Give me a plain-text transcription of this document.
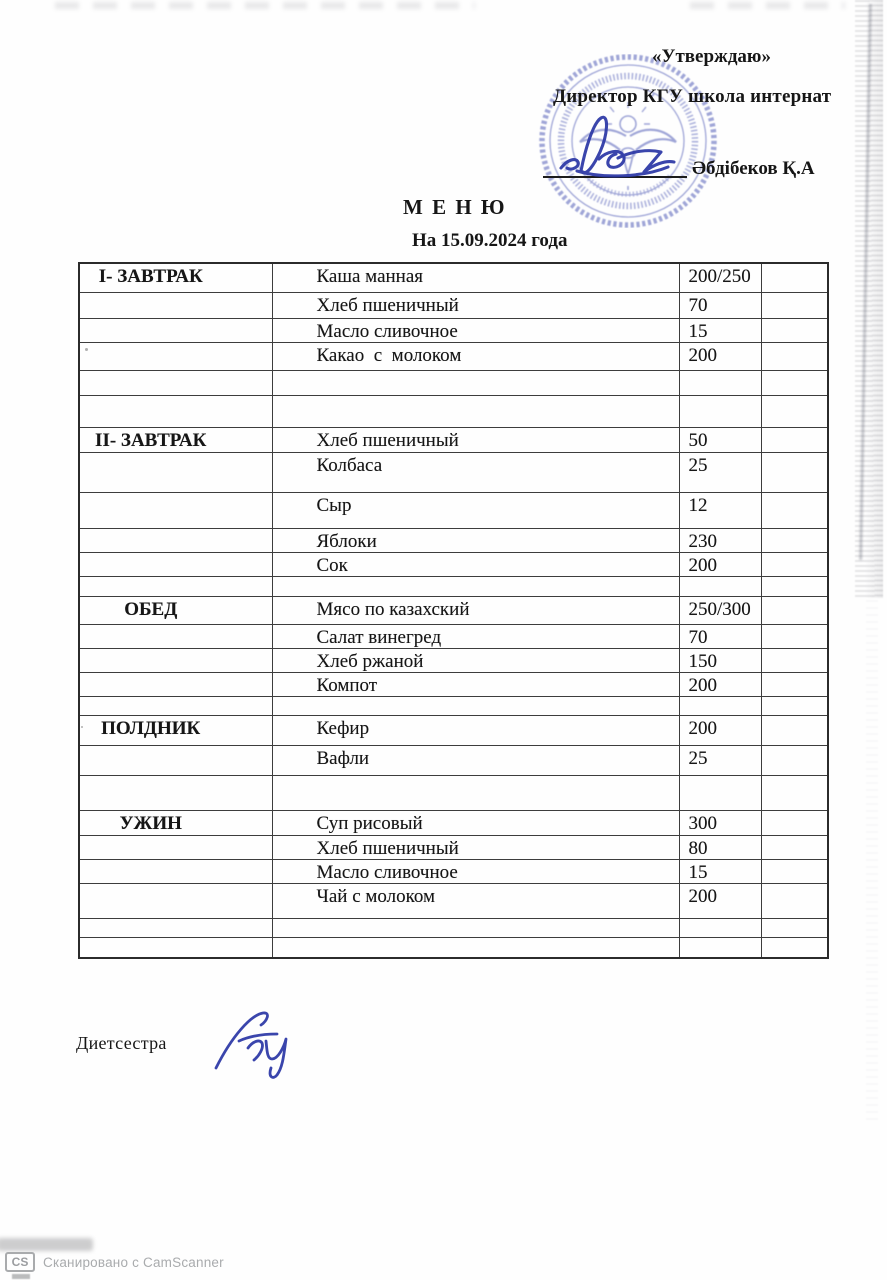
«Утверждаю»
Директор КГУ школа интернат
Әбдібеков Қ.А
М Е Н Ю
На 15.09.2024 года
I- ЗАВТРАК	Каша манная	200/250	
	Хлеб пшеничный	70	
	Масло сливочное	15	
	Какао  с  молоком	200	

II- ЗАВТРАК	Хлеб пшеничный	50	
	Колбаса	25	
	Сыр	12	
	Яблоки	230	
	Сок	200	

ОБЕД	Мясо по казахский	250/300	
	Салат винегред	70	
	Хлеб ржаной	150	
	Компот	200	

ПОЛДНИК	Кефир	200	
	Вафли	25	

УЖИН	Суп рисовый	300	
	Хлеб пшеничный	80	
	Масло сливочное	15	
	Чай с молоком	200	

Диетсестра
CS	Сканировано с CamScanner
